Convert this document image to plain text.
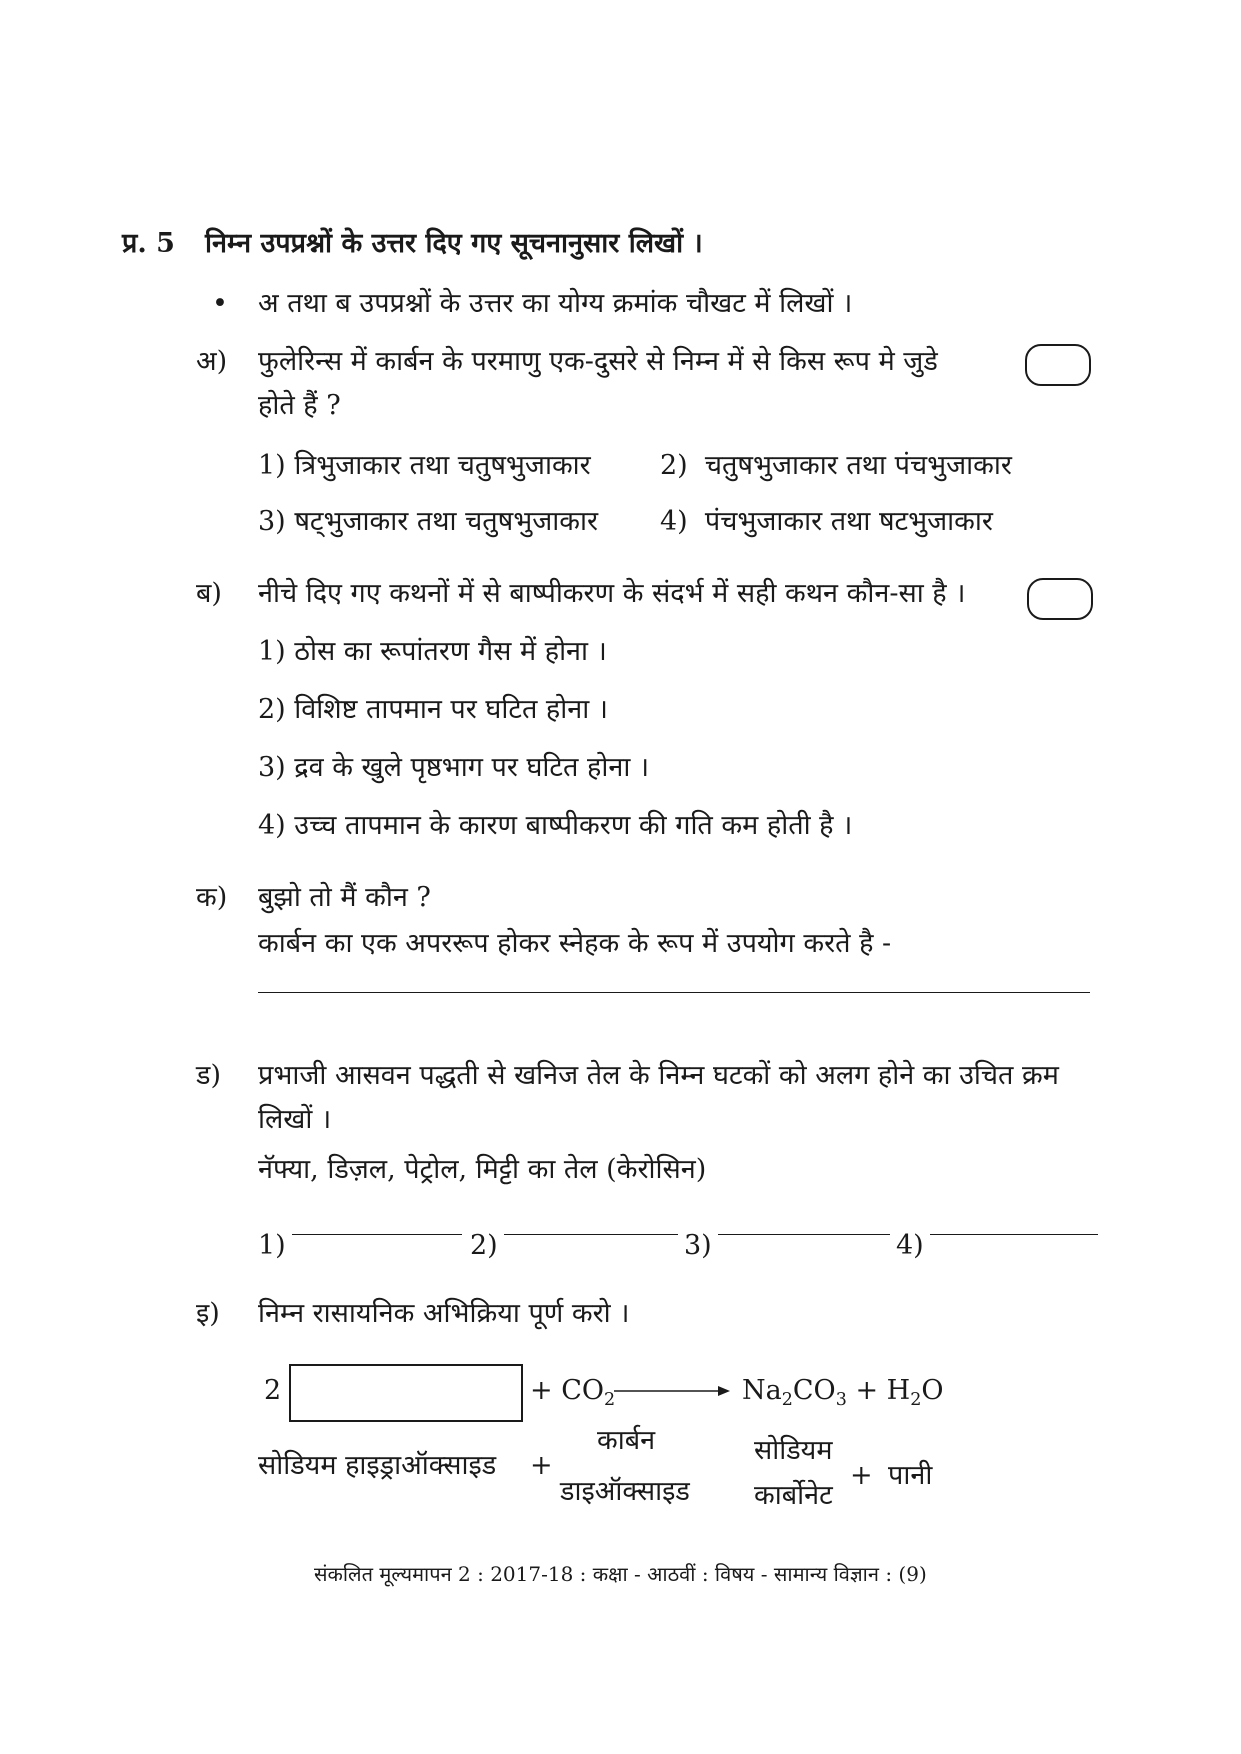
प्र. 5 निम्न उपप्रश्नों के उत्तर दिए गए सूचनानुसार लिखों ।
• अ तथा ब उपप्रश्नों के उत्तर का योग्य क्रमांक चौखट में लिखों ।
अ) फुलेरिन्स में कार्बन के परमाणु एक-दुसरे से निम्न में से किस रूप मे जुडे
होते हैं ?
1) त्रिभुजाकार तथा चतुषभुजाकार	2) चतुषभुजाकार तथा पंचभुजाकार
3) षट्भुजाकार तथा चतुषभुजाकार 4) पंचभुजाकार तथा षटभुजाकार
ब) नीचे दिए गए कथनों में से बाष्पीकरण के संदर्भ में सही कथन कौन-सा है ।
1) ठोस का रूपांतरण गैस में होना ।
2) विशिष्ट तापमान पर घटित होना ।
3) द्रव के खुले पृष्ठभाग पर घटित होना ।
4) उच्च तापमान के कारण बाष्पीकरण की गति कम होती है ।
क) बुझो तो मैं कौन ?
कार्बन का एक अपररूप होकर स्नेहक के रूप में उपयोग करते है -
ड) प्रभाजी आसवन पद्धती से खनिज तेल के निम्न घटकों को अलग होने का उचित क्रम
लिखों ।
नॅफ्या, डिज़ल, पेट्रोल, मिट्टी का तेल (केरोसिन)
1)	2)	3)	4)
इ) निम्न रासायनिक अभिक्रिया पूर्ण करो ।
2	+ $CO_2$	$Na_2CO_3 + H_2O$
सोडियम हाइड्राऑक्साइड +
कार्बन
डाइऑक्साइड
सोडियम
कार्बोनेट
+ पानी
संकलित मूल्यमापन 2 : 2017-18 : कक्षा - आठवीं : विषय - सामान्य विज्ञान : (9)
